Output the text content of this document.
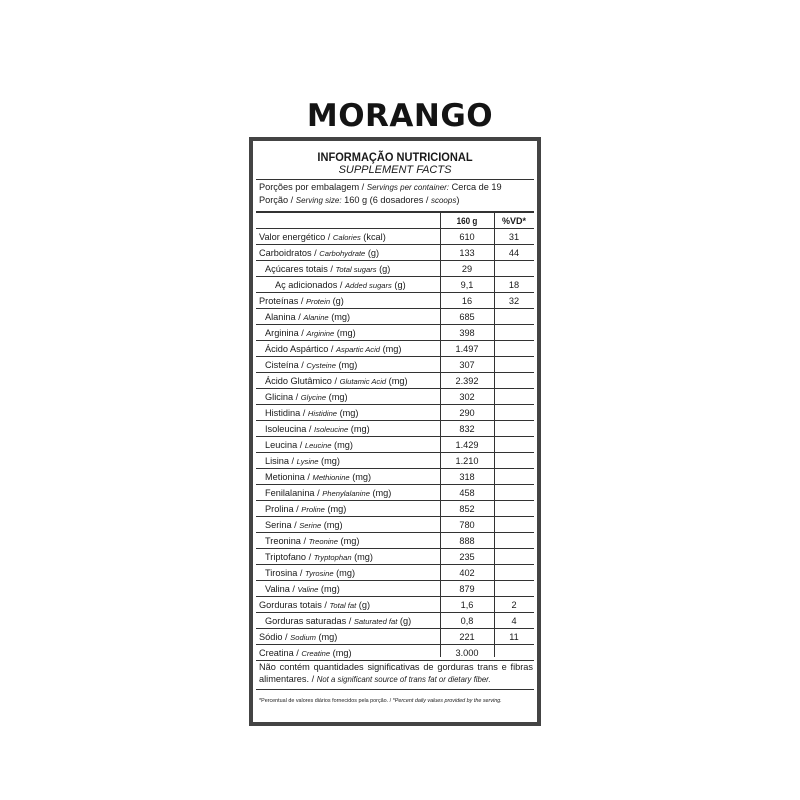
MORANGO
INFORMAÇÃO NUTRICIONAL
SUPPLEMENT FACTS
Porções por embalagem / Servings per container: Cerca de 19
Porção / Serving size: 160 g (6 dosadores / scoops)
160 g	%VD*
Valor energético / Calories (kcal)	610	31
Carboidratos / Carbohydrate (g)	133	44
Açúcares totais / Total sugars (g)	29
Aç adicionados / Added sugars (g)	9,1	18
Proteínas / Protein (g)	16	32
Alanina / Alanine (mg)	685
Arginina / Arginine (mg)	398
Ácido Aspártico / Aspartic Acid (mg)	1.497
Cisteína / Cysteine (mg)	307
Ácido Glutâmico / Glutamic Acid (mg)	2.392
Glicina / Glycine (mg)	302
Histidina / Histidine (mg)	290
Isoleucina / Isoleucine (mg)	832
Leucina / Leucine (mg)	1.429
Lisina / Lysine (mg)	1.210
Metionina / Methionine (mg)	318
Fenilalanina / Phenylalanine (mg)	458
Prolina / Proline (mg)	852
Serina / Serine (mg)	780
Treonina / Treonine (mg)	888
Triptofano / Tryptophan (mg)	235
Tirosina / Tyrosine (mg)	402
Valina / Valine (mg)	879
Gorduras totais / Total fat (g)	1,6	2
Gorduras saturadas / Saturated fat (g)	0,8	4
Sódio / Sodium (mg)	221	11
Creatina / Creatine (mg)	3.000
Não contém quantidades significativas de gorduras trans e fibras alimentares. / Not a significant source of trans fat or dietary fiber.
*Percentual de valores diários fornecidos pela porção. / *Percent daily values provided by the serving.
